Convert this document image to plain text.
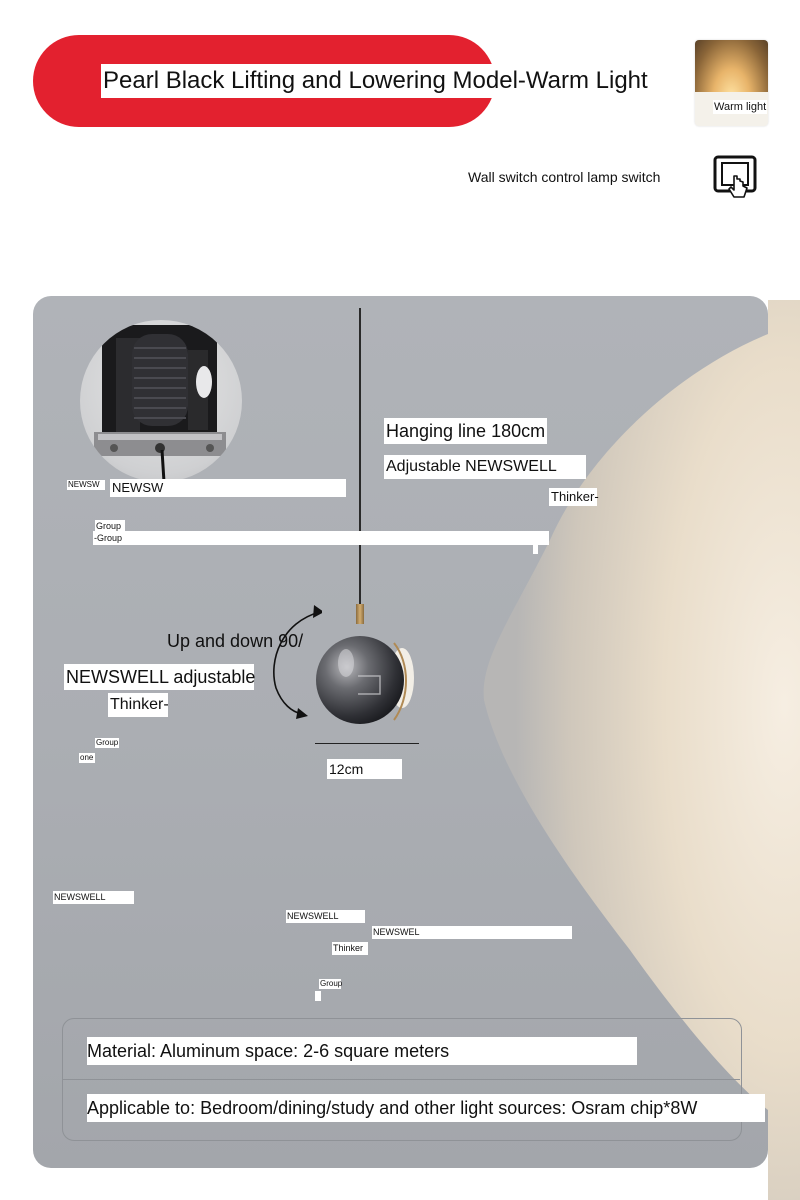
Pearl Black Lifting and Lowering Model-Warm Light
Warm light
Wall switch control lamp switch
Hanging line 180cm
Adjustable NEWSWELL
Thinker-
Up and down 90/
NEWSWELL adjustable
Thinker-
12cm
NEWSW NEWSW
Group
-Group
Group
one
NEWSWELL
NEWSWELL
NEWSWEL
Thinker
Group
Material: Aluminum space: 2-6 square meters
Applicable to: Bedroom/dining/study and other light sources: Osram chip*8W
